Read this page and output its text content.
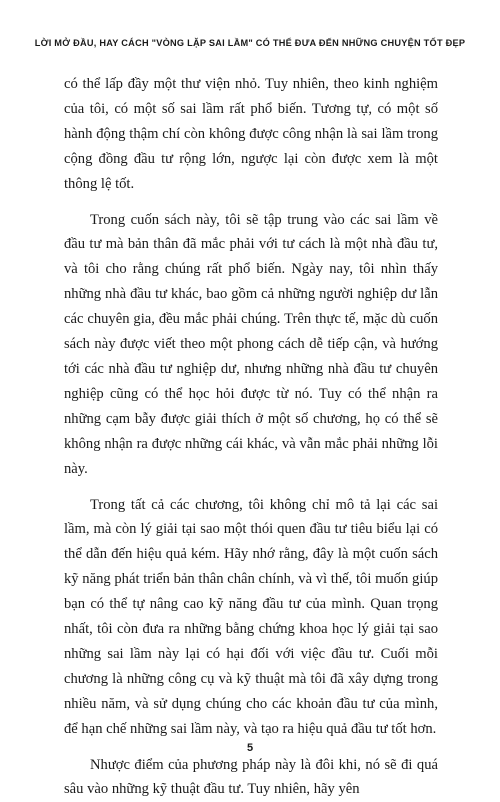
LỜI MỞ ĐẦU, HAY CÁCH "VÒNG LẶP SAI LẦM" CÓ THỂ ĐƯA ĐẾN NHỮNG CHUYỆN TỐT ĐẸP

có thể lấp đầy một thư viện nhỏ. Tuy nhiên, theo kinh nghiệm của tôi, có một số sai lầm rất phổ biến. Tương tự, có một số hành động thậm chí còn không được công nhận là sai lầm trong cộng đồng đầu tư rộng lớn, ngược lại còn được xem là một thông lệ tốt.

Trong cuốn sách này, tôi sẽ tập trung vào các sai lầm về đầu tư mà bản thân đã mắc phải với tư cách là một nhà đầu tư, và tôi cho rằng chúng rất phổ biến. Ngày nay, tôi nhìn thấy những nhà đầu tư khác, bao gồm cả những người nghiệp dư lẫn các chuyên gia, đều mắc phải chúng. Trên thực tế, mặc dù cuốn sách này được viết theo một phong cách dễ tiếp cận, và hướng tới các nhà đầu tư nghiệp dư, nhưng những nhà đầu tư chuyên nghiệp cũng có thể học hỏi được từ nó. Tuy có thể nhận ra những cạm bẫy được giải thích ở một số chương, họ có thể sẽ không nhận ra được những cái khác, và vẫn mắc phải những lỗi này.

Trong tất cả các chương, tôi không chỉ mô tả lại các sai lầm, mà còn lý giải tại sao một thói quen đầu tư tiêu biểu lại có thể dẫn đến hiệu quả kém. Hãy nhớ rằng, đây là một cuốn sách kỹ năng phát triển bản thân chân chính, và vì thế, tôi muốn giúp bạn có thể tự nâng cao kỹ năng đầu tư của mình. Quan trọng nhất, tôi còn đưa ra những bằng chứng khoa học lý giải tại sao những sai lầm này lại có hại đối với việc đầu tư. Cuối mỗi chương là những công cụ và kỹ thuật mà tôi đã xây dựng trong nhiều năm, và sử dụng chúng cho các khoản đầu tư của mình, để hạn chế những sai lầm này, và tạo ra hiệu quả đầu tư tốt hơn.

Nhược điểm của phương pháp này là đôi khi, nó sẽ đi quá sâu vào những kỹ thuật đầu tư. Tuy nhiên, hãy yên

5
